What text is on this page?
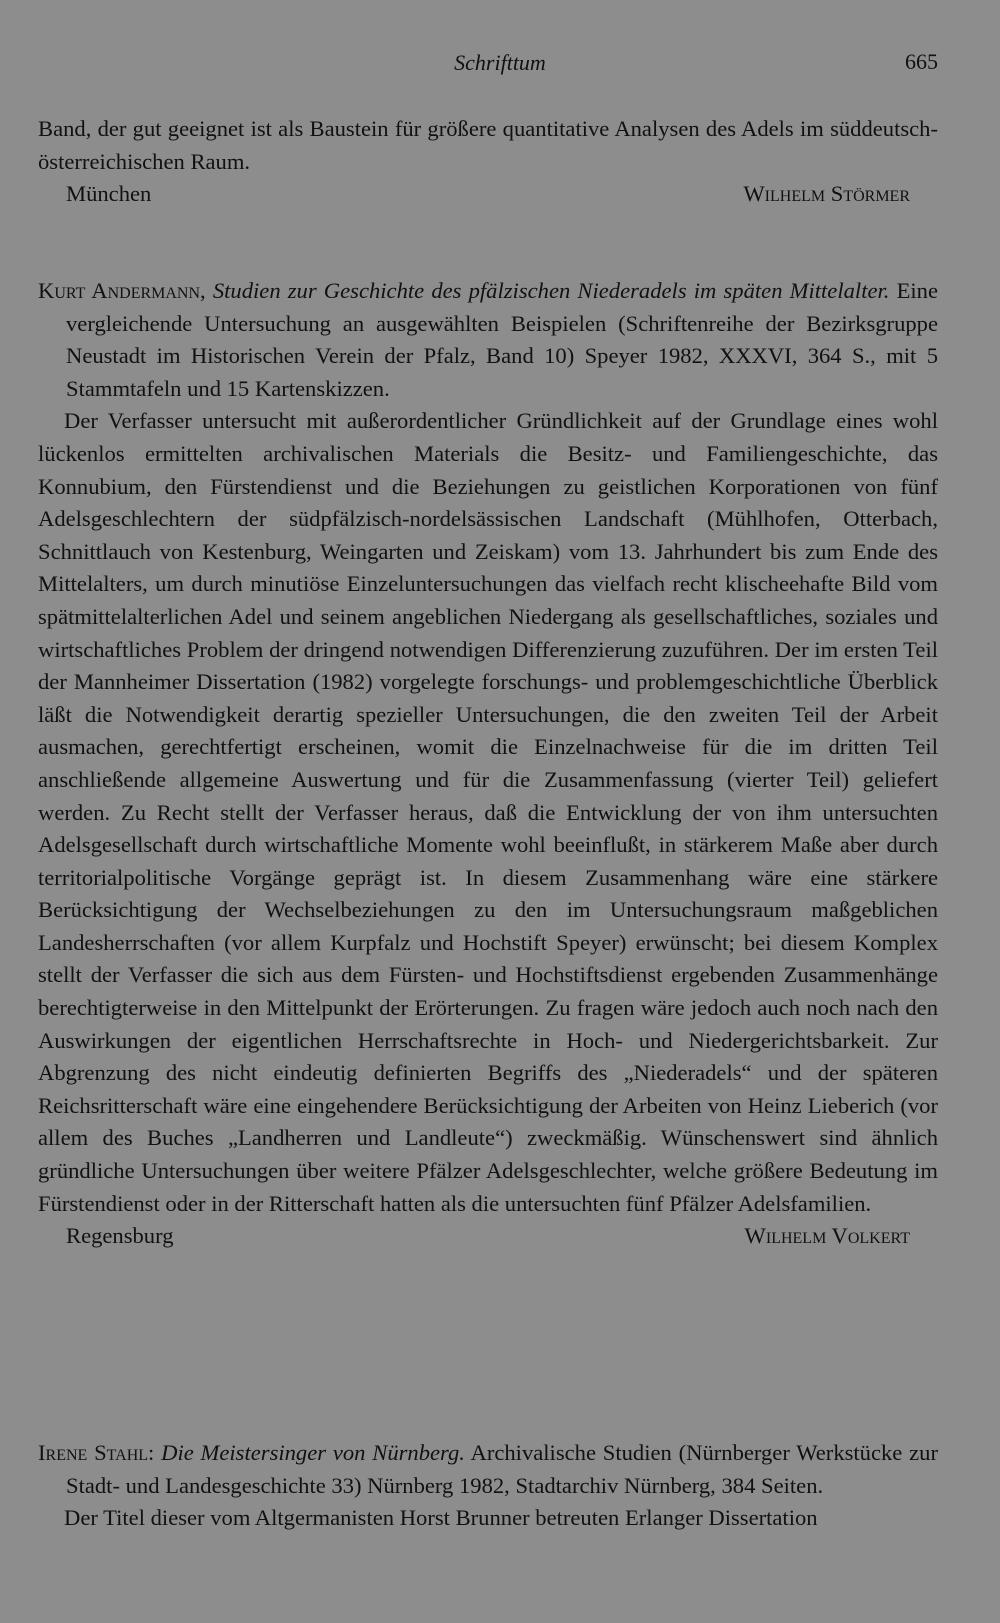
Schrifttum	665

Band, der gut geeignet ist als Baustein für größere quantitative Analysen des Adels im süddeutsch-österreichischen Raum.

München	Wilhelm Störmer

Kurt Andermann, Studien zur Geschichte des pfälzischen Niederadels im späten Mittelalter. Eine vergleichende Untersuchung an ausgewählten Beispielen (Schriftenreihe der Bezirksgruppe Neustadt im Historischen Verein der Pfalz, Band 10) Speyer 1982, XXXVI, 364 S., mit 5 Stammtafeln und 15 Kartenskizzen.

Der Verfasser untersucht mit außerordentlicher Gründlichkeit auf der Grundlage eines wohl lückenlos ermittelten archivalischen Materials die Besitz- und Familiengeschichte, das Konnubium, den Fürstendienst und die Beziehungen zu geistlichen Korporationen von fünf Adelsgeschlechtern der südpfälzisch-nordelsässischen Landschaft (Mühlhofen, Otterbach, Schnittlauch von Kestenburg, Weingarten und Zeiskam) vom 13. Jahrhundert bis zum Ende des Mittelalters, um durch minutiöse Einzeluntersuchungen das vielfach recht klischeehafte Bild vom spätmittelalterlichen Adel und seinem angeblichen Niedergang als gesellschaftliches, soziales und wirtschaftliches Problem der dringend notwendigen Differenzierung zuzuführen. Der im ersten Teil der Mannheimer Dissertation (1982) vorgelegte forschungs- und problemgeschichtliche Überblick läßt die Notwendigkeit derartig spezieller Untersuchungen, die den zweiten Teil der Arbeit ausmachen, gerechtfertigt erscheinen, womit die Einzelnachweise für die im dritten Teil anschließende allgemeine Auswertung und für die Zusammenfassung (vierter Teil) geliefert werden. Zu Recht stellt der Verfasser heraus, daß die Entwicklung der von ihm untersuchten Adelsgesellschaft durch wirtschaftliche Momente wohl beeinflußt, in stärkerem Maße aber durch territorialpolitische Vorgänge geprägt ist. In diesem Zusammenhang wäre eine stärkere Berücksichtigung der Wechselbeziehungen zu den im Untersuchungsraum maßgeblichen Landesherrschaften (vor allem Kurpfalz und Hochstift Speyer) erwünscht; bei diesem Komplex stellt der Verfasser die sich aus dem Fürsten- und Hochstiftsdienst ergebenden Zusammenhänge berechtigterweise in den Mittelpunkt der Erörterungen. Zu fragen wäre jedoch auch noch nach den Auswirkungen der eigentlichen Herrschaftsrechte in Hoch- und Niedergerichtsbarkeit. Zur Abgrenzung des nicht eindeutig definierten Begriffs des „Niederadels“ und der späteren Reichsritterschaft wäre eine eingehendere Berücksichtigung der Arbeiten von Heinz Lieberich (vor allem des Buches „Landherren und Landleute“) zweckmäßig. Wünschenswert sind ähnlich gründliche Untersuchungen über weitere Pfälzer Adelsgeschlechter, welche größere Bedeutung im Fürstendienst oder in der Ritterschaft hatten als die untersuchten fünf Pfälzer Adelsfamilien.

Regensburg	Wilhelm Volkert

Irene Stahl: Die Meistersinger von Nürnberg. Archivalische Studien (Nürnberger Werkstücke zur Stadt- und Landesgeschichte 33) Nürnberg 1982, Stadtarchiv Nürnberg, 384 Seiten.

Der Titel dieser vom Altgermanisten Horst Brunner betreuten Erlanger Dissertation
